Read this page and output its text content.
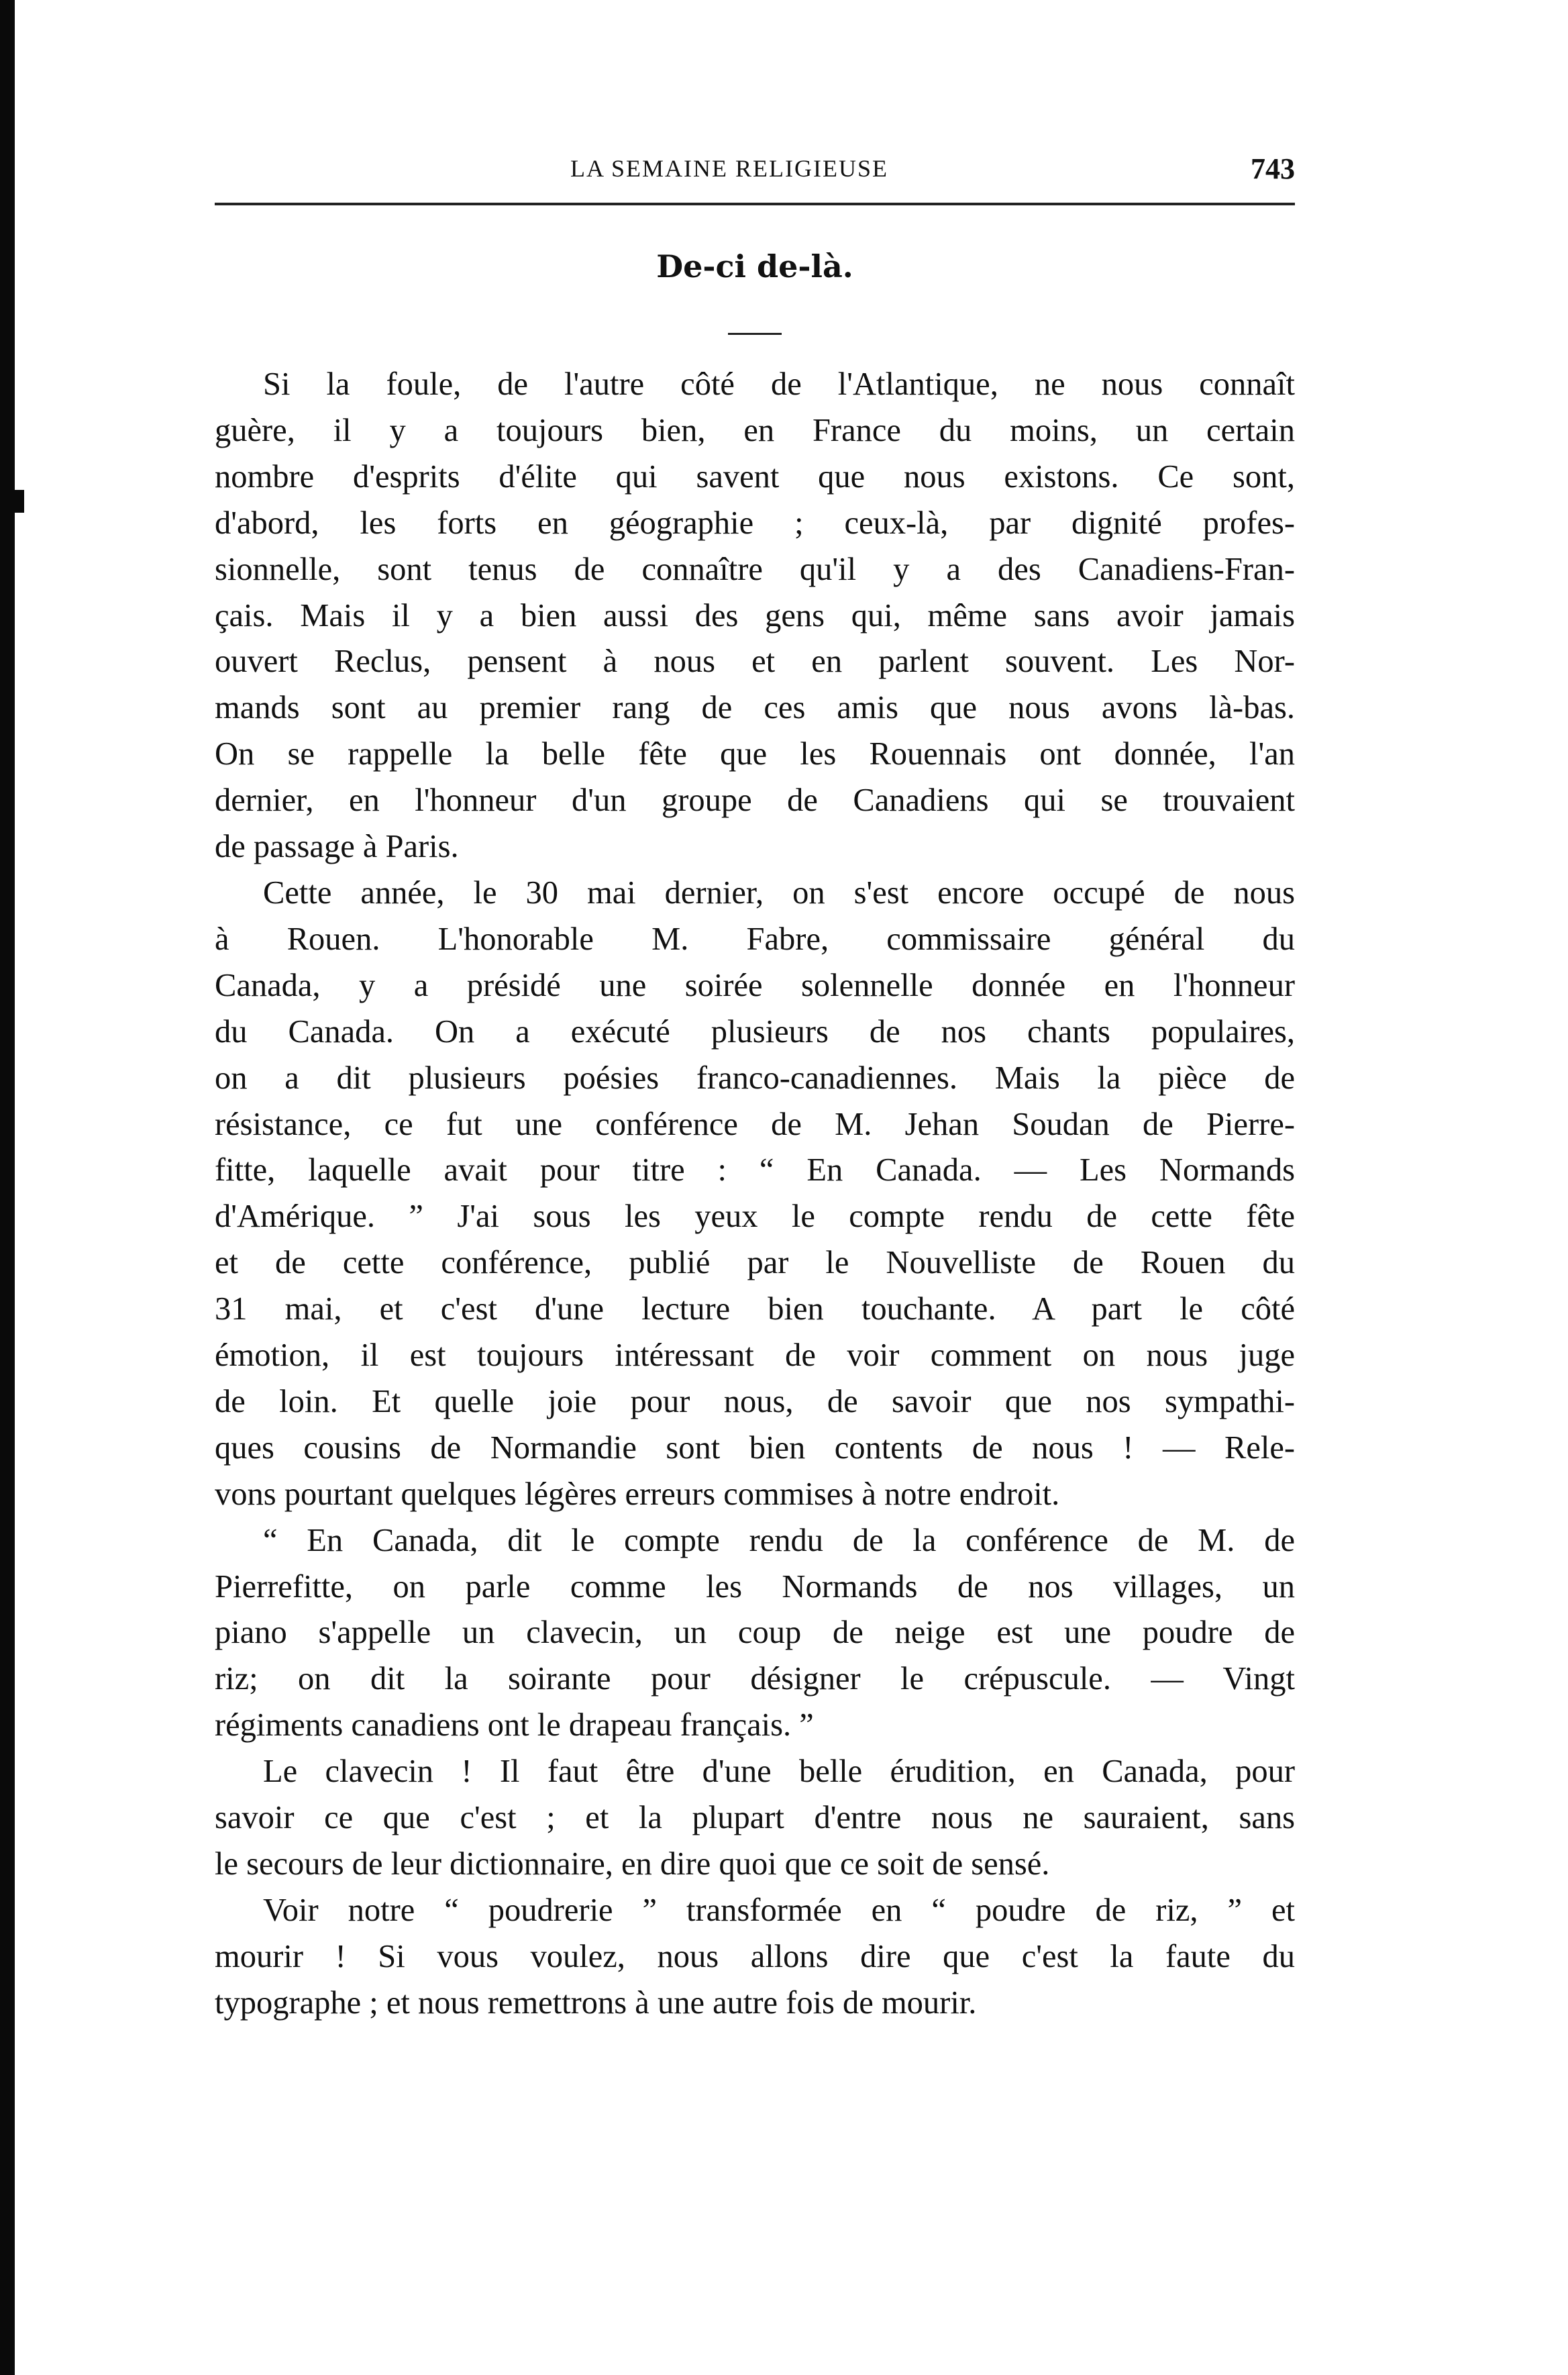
LA SEMAINE RELIGIEUSE	743
De-ci de-là.
Si la foule, de l'autre côté de l'Atlantique, ne nous connaît
guère, il y a toujours bien, en France du moins, un certain
nombre d'esprits d'élite qui savent que nous existons. Ce sont,
d'abord, les forts en géographie ; ceux-là, par dignité profes-
sionnelle, sont tenus de connaître qu'il y a des Canadiens-Fran-
çais. Mais il y a bien aussi des gens qui, même sans avoir jamais
ouvert Reclus, pensent à nous et en parlent souvent. Les Nor-
mands sont au premier rang de ces amis que nous avons là-bas.
On se rappelle la belle fête que les Rouennais ont donnée, l'an
dernier, en l'honneur d'un groupe de Canadiens qui se trouvaient
de passage à Paris.
Cette année, le 30 mai dernier, on s'est encore occupé de nous
à Rouen. L'honorable M. Fabre, commissaire général du
Canada, y a présidé une soirée solennelle donnée en l'honneur
du Canada. On a exécuté plusieurs de nos chants populaires,
on a dit plusieurs poésies franco-canadiennes. Mais la pièce de
résistance, ce fut une conférence de M. Jehan Soudan de Pierre-
fitte, laquelle avait pour titre : “ En Canada. — Les Normands
d'Amérique. ” J'ai sous les yeux le compte rendu de cette fête
et de cette conférence, publié par le Nouvelliste de Rouen du
31 mai, et c'est d'une lecture bien touchante. A part le côté
émotion, il est toujours intéressant de voir comment on nous juge
de loin. Et quelle joie pour nous, de savoir que nos sympathi-
ques cousins de Normandie sont bien contents de nous ! — Rele-
vons pourtant quelques légères erreurs commises à notre endroit.
“ En Canada, dit le compte rendu de la conférence de M. de
Pierrefitte, on parle comme les Normands de nos villages, un
piano s'appelle un clavecin, un coup de neige est une poudre de
riz; on dit la soirante pour désigner le crépuscule. — Vingt
régiments canadiens ont le drapeau français. ”
Le clavecin ! Il faut être d'une belle érudition, en Canada, pour
savoir ce que c'est ; et la plupart d'entre nous ne sauraient, sans
le secours de leur dictionnaire, en dire quoi que ce soit de sensé.
Voir notre “ poudrerie ” transformée en “ poudre de riz, ” et
mourir ! Si vous voulez, nous allons dire que c'est la faute du
typographe ; et nous remettrons à une autre fois de mourir.
